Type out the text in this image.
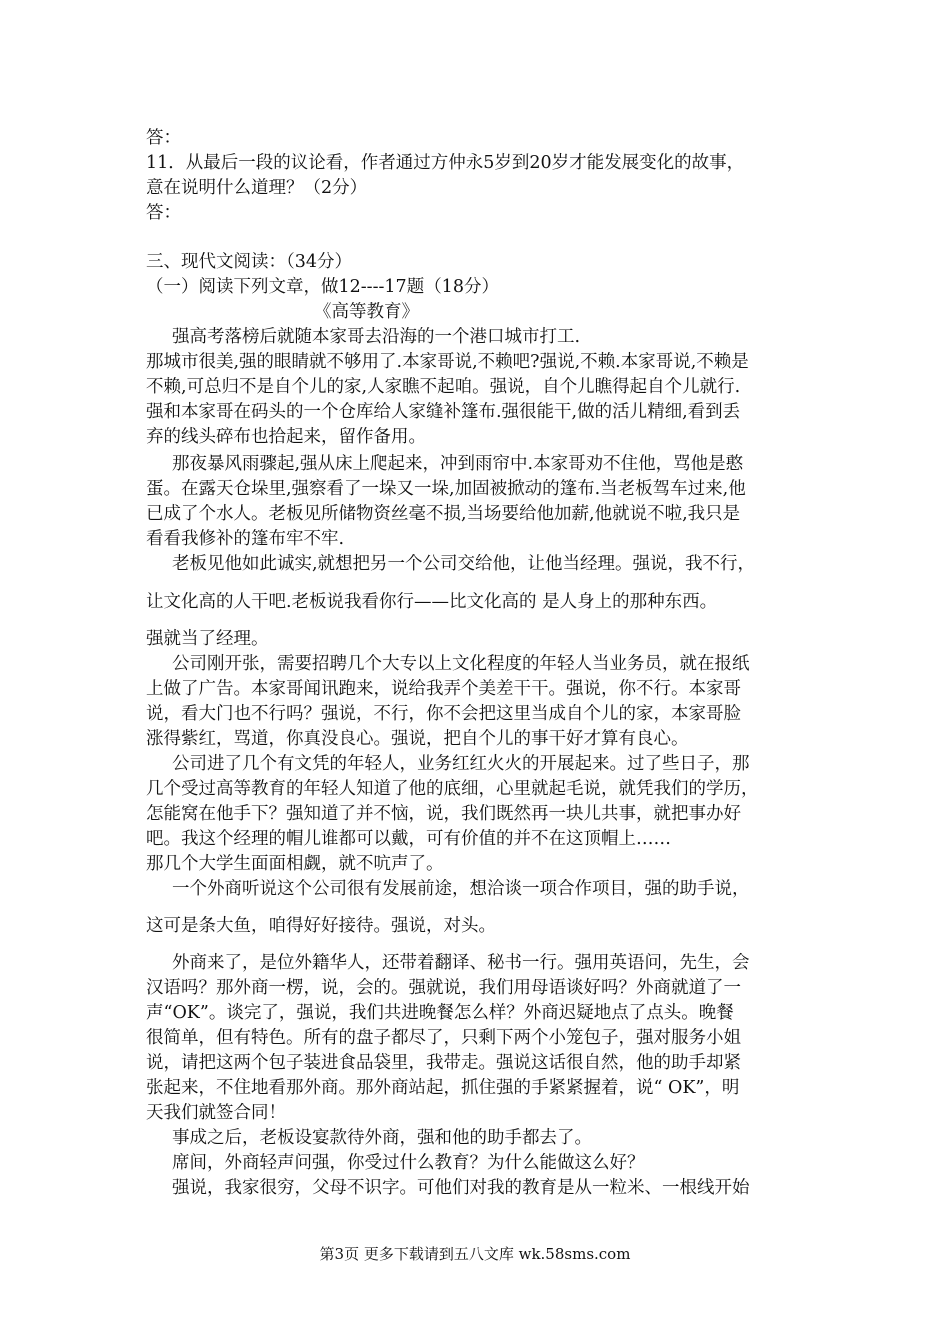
答：
11．从最后一段的议论看，作者通过方仲永5岁到20岁才能发展变化的故事，
意在说明什么道理？（2分）
答：
三、现代文阅读：（34分）
（一）阅读下列文章，做12----17题（18分）
《高等教育》
强高考落榜后就随本家哥去沿海的一个港口城市打工.
那城市很美,强的眼睛就不够用了.本家哥说,不赖吧?强说,不赖.本家哥说,不赖是
不赖,可总归不是自个儿的家,人家瞧不起咱。强说，自个儿瞧得起自个儿就行.
强和本家哥在码头的一个仓库给人家缝补篷布.强很能干,做的活儿精细,看到丢
弃的线头碎布也拾起来，留作备用。
那夜暴风雨骤起,强从床上爬起来，冲到雨帘中.本家哥劝不住他，骂他是憨
蛋。在露天仓垛里,强察看了一垛又一垛,加固被掀动的篷布.当老板驾车过来,他
已成了个水人。老板见所储物资丝毫不损,当场要给他加薪,他就说不啦,我只是
看看我修补的篷布牢不牢.
老板见他如此诚实,就想把另一个公司交给他，让他当经理。强说，我不行，
让文化高的人干吧.老板说我看你行——比文化高的 是人身上的那种东西。
强就当了经理。
公司刚开张，需要招聘几个大专以上文化程度的年轻人当业务员，就在报纸
上做了广告。本家哥闻讯跑来，说给我弄个美差干干。强说，你不行。本家哥
说，看大门也不行吗？强说，不行，你不会把这里当成自个儿的家，本家哥脸
涨得紫红，骂道，你真没良心。强说，把自个儿的事干好才算有良心。
公司进了几个有文凭的年轻人，业务红红火火的开展起来。过了些日子，那
几个受过高等教育的年轻人知道了他的底细，心里就起毛说，就凭我们的学历，
怎能窝在他手下？强知道了并不恼，说，我们既然再一块儿共事，就把事办好
吧。我这个经理的帽儿谁都可以戴，可有价值的并不在这顶帽上……
那几个大学生面面相觑，就不吭声了。
一个外商听说这个公司很有发展前途，想洽谈一项合作项目，强的助手说，
这可是条大鱼，咱得好好接待。强说，对头。
外商来了，是位外籍华人，还带着翻译、秘书一行。强用英语问，先生，会
汉语吗？那外商一楞，说，会的。强就说，我们用母语谈好吗？外商就道了一
声“OK”。谈完了，强说，我们共进晚餐怎么样？外商迟疑地点了点头。晚餐
很简单，但有特色。所有的盘子都尽了，只剩下两个小笼包子，强对服务小姐
说，请把这两个包子装进食品袋里，我带走。强说这话很自然，他的助手却紧
张起来，不住地看那外商。那外商站起，抓住强的手紧紧握着，说“ OK”，明
天我们就签合同！
事成之后，老板设宴款待外商，强和他的助手都去了。
席间，外商轻声问强，你受过什么教育？为什么能做这么好？
强说，我家很穷，父母不识字。可他们对我的教育是从一粒米、一根线开始
第3页 更多下载请到五八文库 wk.58sms.com
